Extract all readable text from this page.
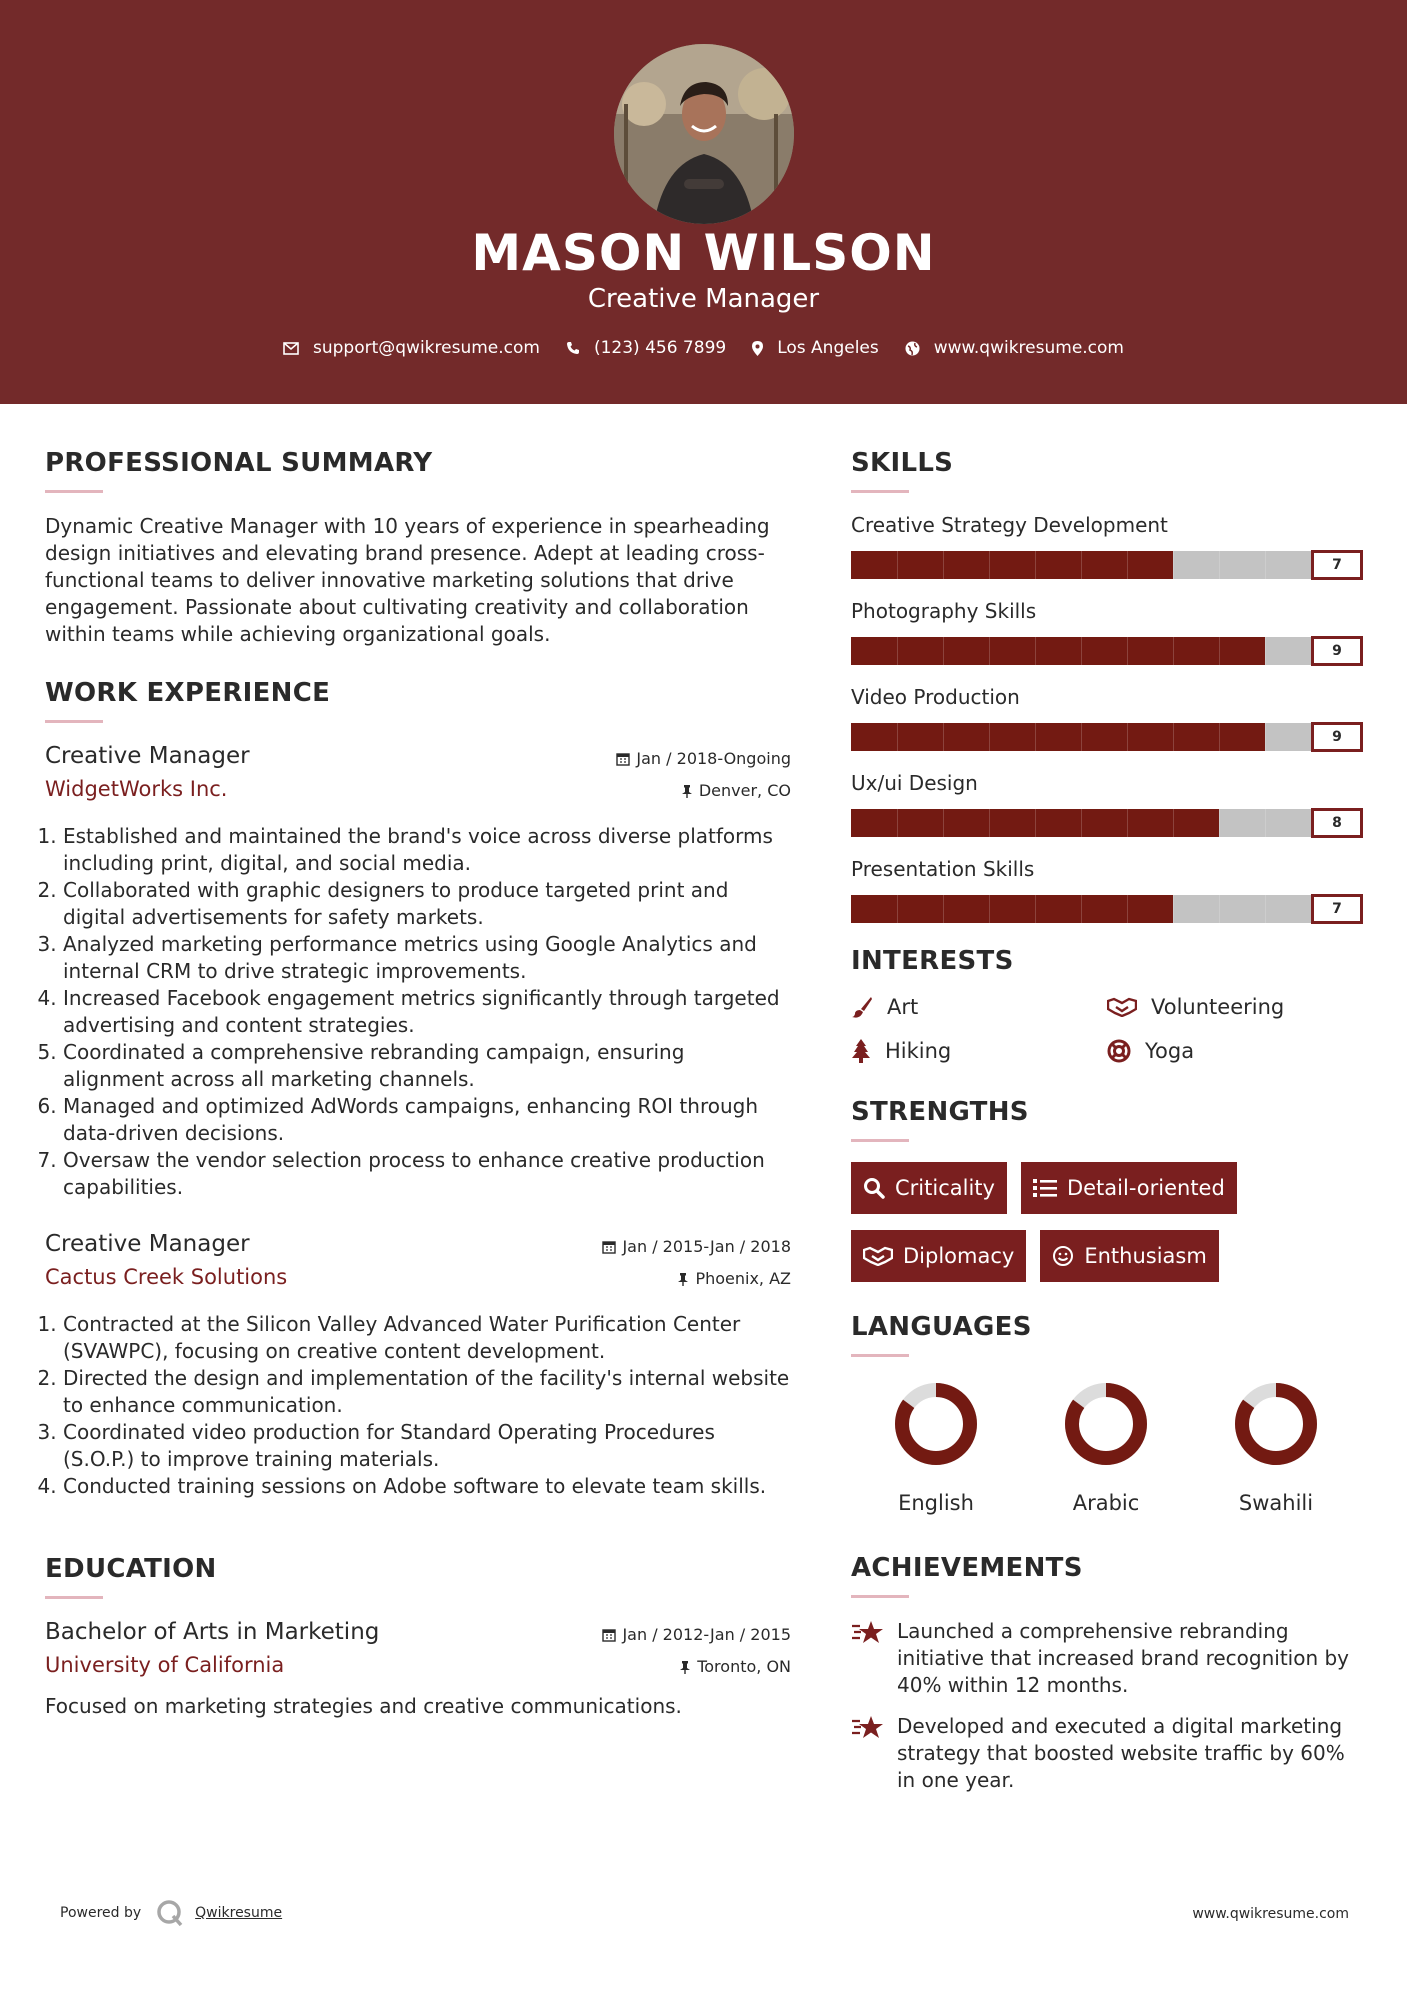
MASON WILSON
Creative Manager
support@qwikresume.com	(123) 456 7899	Los Angeles	www.qwikresume.com
PROFESSIONAL SUMMARY
Dynamic Creative Manager with 10 years of experience in spearheading design initiatives and elevating brand presence. Adept at leading cross-functional teams to deliver innovative marketing solutions that drive engagement. Passionate about cultivating creativity and collaboration within teams while achieving organizational goals.
WORK EXPERIENCE
Creative Manager
WidgetWorks Inc.
Jan / 2018-Ongoing
Denver, CO
1. Established and maintained the brand's voice across diverse platforms including print, digital, and social media.
2. Collaborated with graphic designers to produce targeted print and digital advertisements for safety markets.
3. Analyzed marketing performance metrics using Google Analytics and internal CRM to drive strategic improvements.
4. Increased Facebook engagement metrics significantly through targeted advertising and content strategies.
5. Coordinated a comprehensive rebranding campaign, ensuring alignment across all marketing channels.
6. Managed and optimized AdWords campaigns, enhancing ROI through data-driven decisions.
7. Oversaw the vendor selection process to enhance creative production capabilities.
Creative Manager
Cactus Creek Solutions
Jan / 2015-Jan / 2018
Phoenix, AZ
1. Contracted at the Silicon Valley Advanced Water Purification Center (SVAWPC), focusing on creative content development.
2. Directed the design and implementation of the facility's internal website to enhance communication.
3. Coordinated video production for Standard Operating Procedures (S.O.P.) to improve training materials.
4. Conducted training sessions on Adobe software to elevate team skills.
EDUCATION
Bachelor of Arts in Marketing
University of California
Jan / 2012-Jan / 2015
Toronto, ON
Focused on marketing strategies and creative communications.
SKILLS
Creative Strategy Development
7
Photography Skills
9
Video Production
9
Ux/ui Design
8
Presentation Skills
7
INTERESTS
Art	Volunteering
Hiking	Yoga
STRENGTHS
Criticality	Detail-oriented
Diplomacy	Enthusiasm
LANGUAGES
English	Arabic	Swahili
ACHIEVEMENTS
Launched a comprehensive rebranding initiative that increased brand recognition by 40% within 12 months.
Developed and executed a digital marketing strategy that boosted website traffic by 60% in one year.
Powered by	Qwikresume	www.qwikresume.com
